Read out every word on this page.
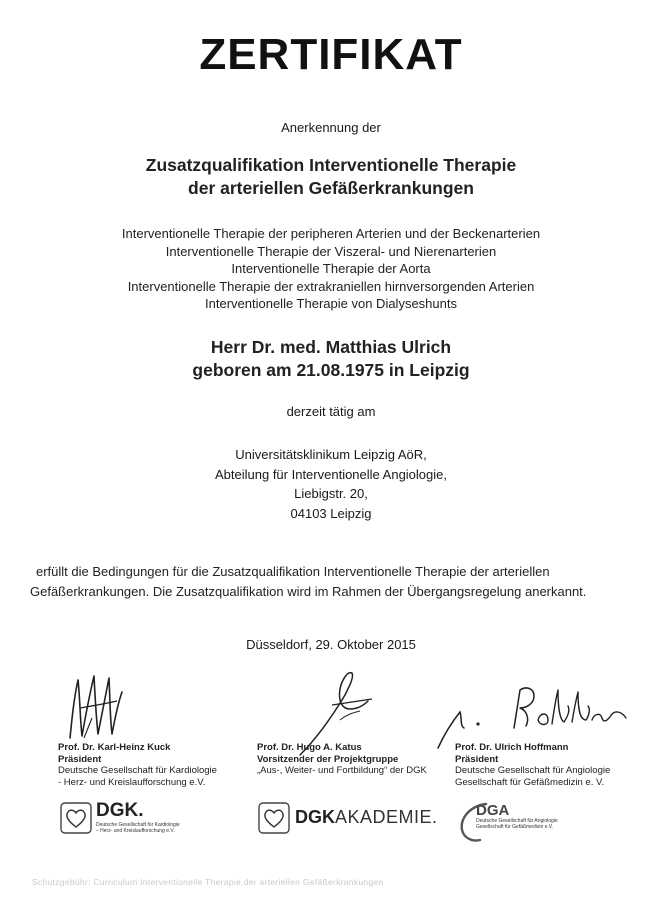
ZERTIFIKAT
Anerkennung der
Zusatzqualifikation Interventionelle Therapie
der arteriellen Gefäßerkrankungen
Interventionelle Therapie der peripheren Arterien und der Beckenarterien
Interventionelle Therapie der Viszeral- und Nierenarterien
Interventionelle Therapie der Aorta
Interventionelle Therapie der extrakraniellen hirnversorgenden Arterien
Interventionelle Therapie von Dialyseshunts
Herr Dr. med. Matthias Ulrich
geboren am 21.08.1975 in Leipzig
derzeit tätig am
Universitätsklinikum Leipzig AöR,
Abteilung für Interventionelle Angiologie,
Liebigstr. 20,
04103 Leipzig
erfüllt die Bedingungen für die Zusatzqualifikation Interventionelle Therapie der arteriellen
Gefäßerkrankungen. Die Zusatzqualifikation wird im Rahmen der Übergangsregelung anerkannt.
Düsseldorf, 29. Oktober 2015
Prof. Dr. Karl-Heinz Kuck
Präsident
Deutsche Gesellschaft für Kardiologie
- Herz- und Kreislaufforschung e.V.
Prof. Dr. Hugo A. Katus
Vorsitzender der Projektgruppe
„Aus-, Weiter- und Fortbildung“ der DGK
Prof. Dr. Ulrich Hoffmann
Präsident
Deutsche Gesellschaft für Angiologie
Gesellschaft für Gefäßmedizin e. V.
DGK.
Deutsche Gesellschaft für Kardiologie
– Herz- und Kreislaufforschung e.V.
DGKAKADEMIE.	DGA
Deutsche Gesellschaft für Angiologie
Gesellschaft für Gefäßmedizin e.V.
Schutzgebühr: Curriculum Interventionelle Therapie der arteriellen Gefäßerkrankungen
